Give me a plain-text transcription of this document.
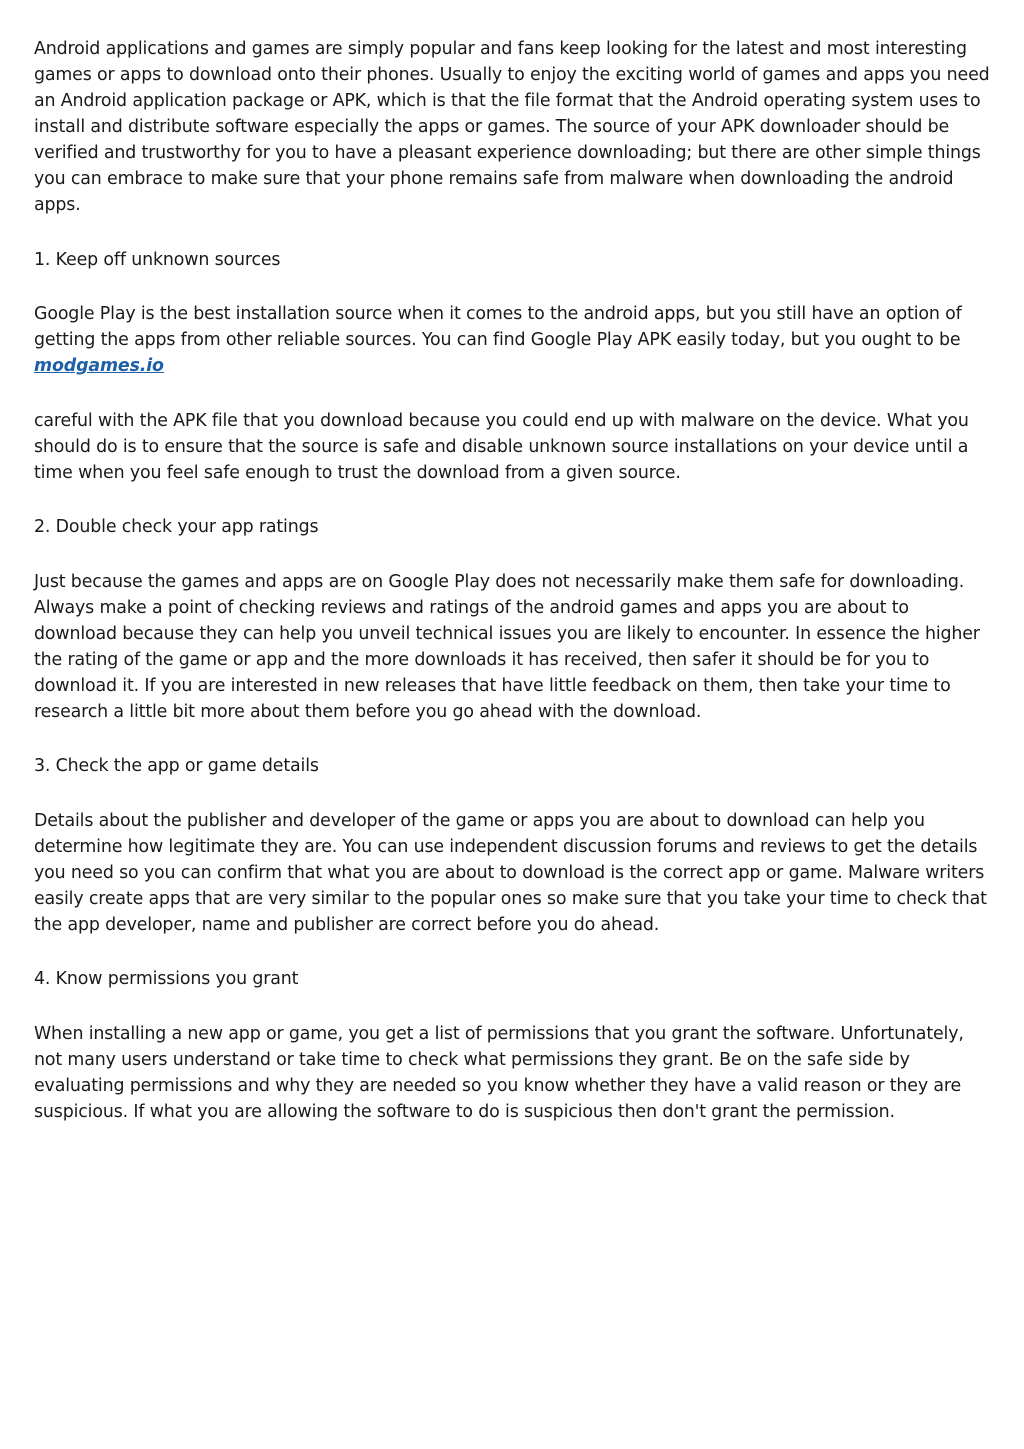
Android applications and games are simply popular and fans keep looking for the latest and most interesting games or apps to download onto their phones. Usually to enjoy the exciting world of games and apps you need an Android application package or APK, which is that the file format that the Android operating system uses to install and distribute software especially the apps or games. The source of your APK downloader should be verified and trustworthy for you to have a pleasant experience downloading; but there are other simple things you can embrace to make sure that your phone remains safe from malware when downloading the android apps.

1. Keep off unknown sources

Google Play is the best installation source when it comes to the android apps, but you still have an option of getting the apps from other reliable sources. You can find Google Play APK easily today, but you ought to be
modgames.io

careful with the APK file that you download because you could end up with malware on the device. What you should do is to ensure that the source is safe and disable unknown source installations on your device until a time when you feel safe enough to trust the download from a given source.

2. Double check your app ratings

Just because the games and apps are on Google Play does not necessarily make them safe for downloading. Always make a point of checking reviews and ratings of the android games and apps you are about to download because they can help you unveil technical issues you are likely to encounter. In essence the higher the rating of the game or app and the more downloads it has received, then safer it should be for you to download it. If you are interested in new releases that have little feedback on them, then take your time to research a little bit more about them before you go ahead with the download.

3. Check the app or game details

Details about the publisher and developer of the game or apps you are about to download can help you determine how legitimate they are. You can use independent discussion forums and reviews to get the details you need so you can confirm that what you are about to download is the correct app or game. Malware writers easily create apps that are very similar to the popular ones so make sure that you take your time to check that the app developer, name and publisher are correct before you do ahead.

4. Know permissions you grant

When installing a new app or game, you get a list of permissions that you grant the software. Unfortunately, not many users understand or take time to check what permissions they grant. Be on the safe side by evaluating permissions and why they are needed so you know whether they have a valid reason or they are suspicious. If what you are allowing the software to do is suspicious then don't grant the permission.
